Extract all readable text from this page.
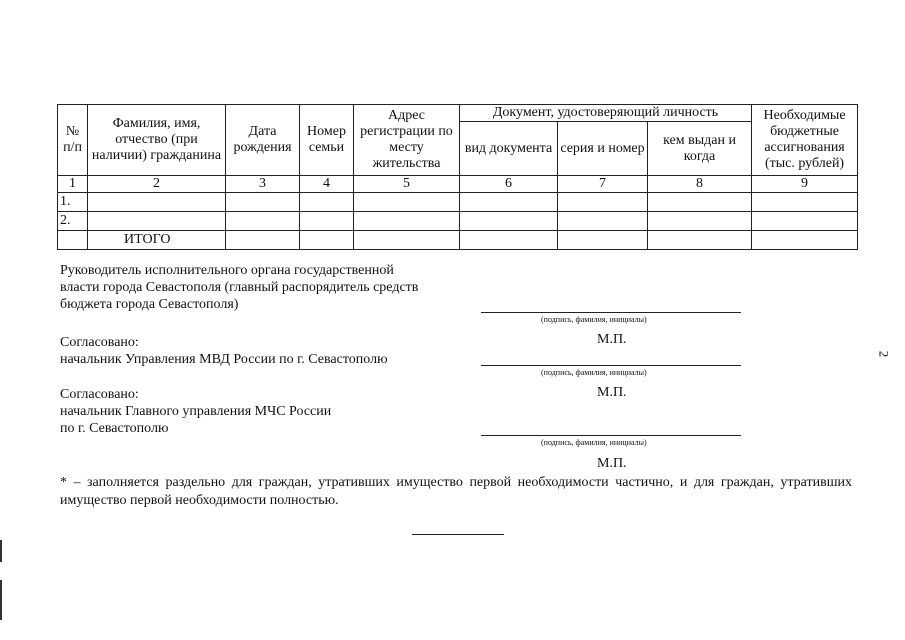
№ п/п	Фамилия, имя, отчество (при наличии) гражданина	Дата рождения	Номер семьи	Адрес регистрации по месту жительства	Документ, удостоверяющий личность			Необходимые бюджетные ассигнования (тыс. рублей)
					вид документа	серия и номер	кем выдан и когда	
1	2	3	4	5	6	7	8	9
1.								
2.								
	ИТОГО							
Руководитель исполнительного органа государственной власти города Севастополя (главный распорядитель средств бюджета города Севастополя)
(подпись, фамилия, инициалы)
М.П.
Согласовано:
начальник Управления МВД России по г. Севастополю
(подпись, фамилия, инициалы)
М.П.
Согласовано:
начальник Главного управления МЧС России
по г. Севастополю
(подпись, фамилия, инициалы)
М.П.
* – заполняется раздельно для граждан, утративших имущество первой необходимости частично, и для граждан, утративших имущество первой необходимости полностью.
2
